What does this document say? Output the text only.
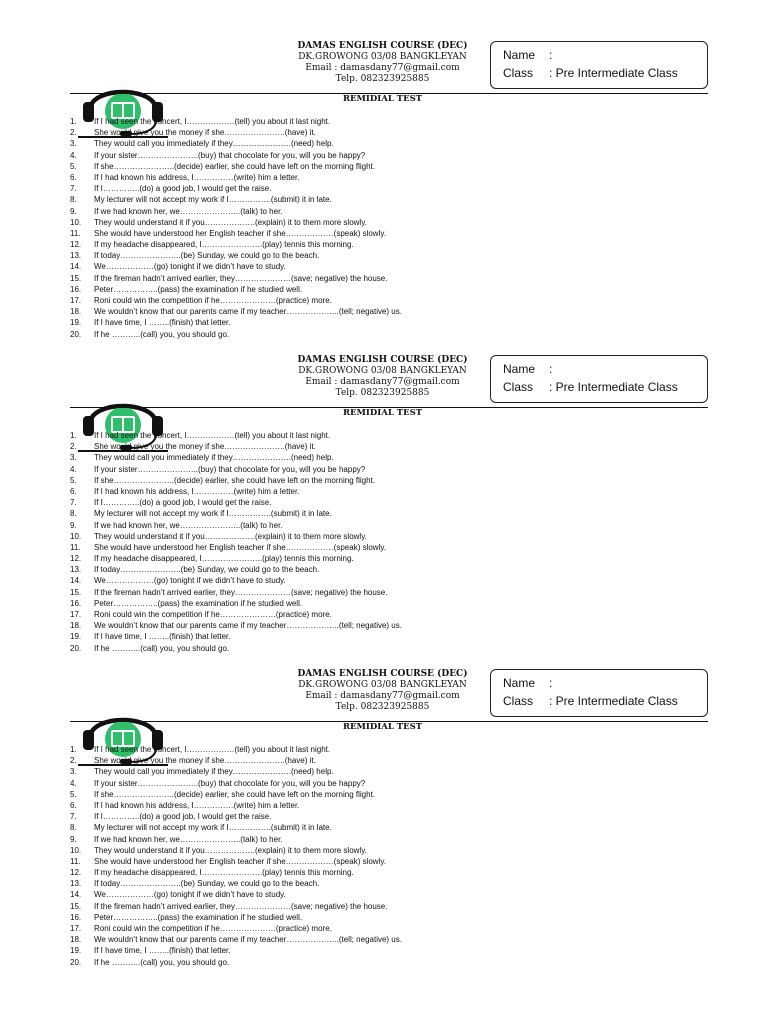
DAMAS ENGLISH COURSE (DEC)
DK.GROWONG 03/08 BANGKLEYAN
Email : damasdany77@gmail.com
Telp. 082323925885
Name :
Class : Pre Intermediate Class
REMIDIAL TEST
1. If I had seen the concert, I………………(tell) you about it last night.
2. She would give you the money if she…………………..(have) it.
3. They would call you immediately if they………………….(need) help.
4. If your sister…………………..(buy) that chocolate for you, will you be happy?
5. If she…………………..(decide) earlier, she could have left on the morning flight.
6. If I had known his address, I……………(write) him a letter.
7. If I…………..(do) a good job, I would get the raise.
8. My lecturer will not accept my work if I…………….(submit) it in late.
9. If we had known her, we…………………..(talk) to her.
10. They would understand it if you……………….(explain) it to them more slowly.
11. She would have understood her English teacher if she………………(speak) slowly.
12. If my headache disappeared, I…………………..(play) tennis this morning.
13. If today…………………..(be) Sunday, we could go to the beach.
14. We………………(go) tonight if we didn’t have to study.
15. If the fireman hadn’t arrived earlier, they…………………(save; negative) the house.
16. Peter……………..(pass) the examination if he studied well.
17. Roni could win the competition if he…………………(practice) more.
18. We wouldn’t know that our parents came if my teacher………………..(tell; negative) us.
19. If I have time, I ……..(finish) that letter.
20. If he ………..(call) you, you should go.
DAMAS ENGLISH COURSE (DEC)
DK.GROWONG 03/08 BANGKLEYAN
Email : damasdany77@gmail.com
Telp. 082323925885
Name :
Class : Pre Intermediate Class
REMIDIAL TEST
1. If I had seen the concert, I………………(tell) you about it last night.
2. She would give you the money if she…………………..(have) it.
3. They would call you immediately if they………………….(need) help.
4. If your sister…………………..(buy) that chocolate for you, will you be happy?
5. If she…………………..(decide) earlier, she could have left on the morning flight.
6. If I had known his address, I……………(write) him a letter.
7. If I…………..(do) a good job, I would get the raise.
8. My lecturer will not accept my work if I…………….(submit) it in late.
9. If we had known her, we…………………..(talk) to her.
10. They would understand it if you……………….(explain) it to them more slowly.
11. She would have understood her English teacher if she………………(speak) slowly.
12. If my headache disappeared, I…………………..(play) tennis this morning.
13. If today…………………..(be) Sunday, we could go to the beach.
14. We………………(go) tonight if we didn’t have to study.
15. If the fireman hadn’t arrived earlier, they…………………(save; negative) the house.
16. Peter……………..(pass) the examination if he studied well.
17. Roni could win the competition if he…………………(practice) more.
18. We wouldn’t know that our parents came if my teacher………………..(tell; negative) us.
19. If I have time, I ……..(finish) that letter.
20. If he ………..(call) you, you should go.
DAMAS ENGLISH COURSE (DEC)
DK.GROWONG 03/08 BANGKLEYAN
Email : damasdany77@gmail.com
Telp. 082323925885
Name :
Class : Pre Intermediate Class
REMIDIAL TEST
1. If I had seen the concert, I………………(tell) you about it last night.
2. She would give you the money if she…………………..(have) it.
3. They would call you immediately if they………………….(need) help.
4. If your sister…………………..(buy) that chocolate for you, will you be happy?
5. If she…………………..(decide) earlier, she could have left on the morning flight.
6. If I had known his address, I……………(write) him a letter.
7. If I…………..(do) a good job, I would get the raise.
8. My lecturer will not accept my work if I…………….(submit) it in late.
9. If we had known her, we…………………..(talk) to her.
10. They would understand it if you……………….(explain) it to them more slowly.
11. She would have understood her English teacher if she………………(speak) slowly.
12. If my headache disappeared, I…………………..(play) tennis this morning.
13. If today…………………..(be) Sunday, we could go to the beach.
14. We………………(go) tonight if we didn’t have to study.
15. If the fireman hadn’t arrived earlier, they…………………(save; negative) the house.
16. Peter……………..(pass) the examination if he studied well.
17. Roni could win the competition if he…………………(practice) more.
18. We wouldn’t know that our parents came if my teacher………………..(tell; negative) us.
19. If I have time, I ……..(finish) that letter.
20. If he ………..(call) you, you should go.
